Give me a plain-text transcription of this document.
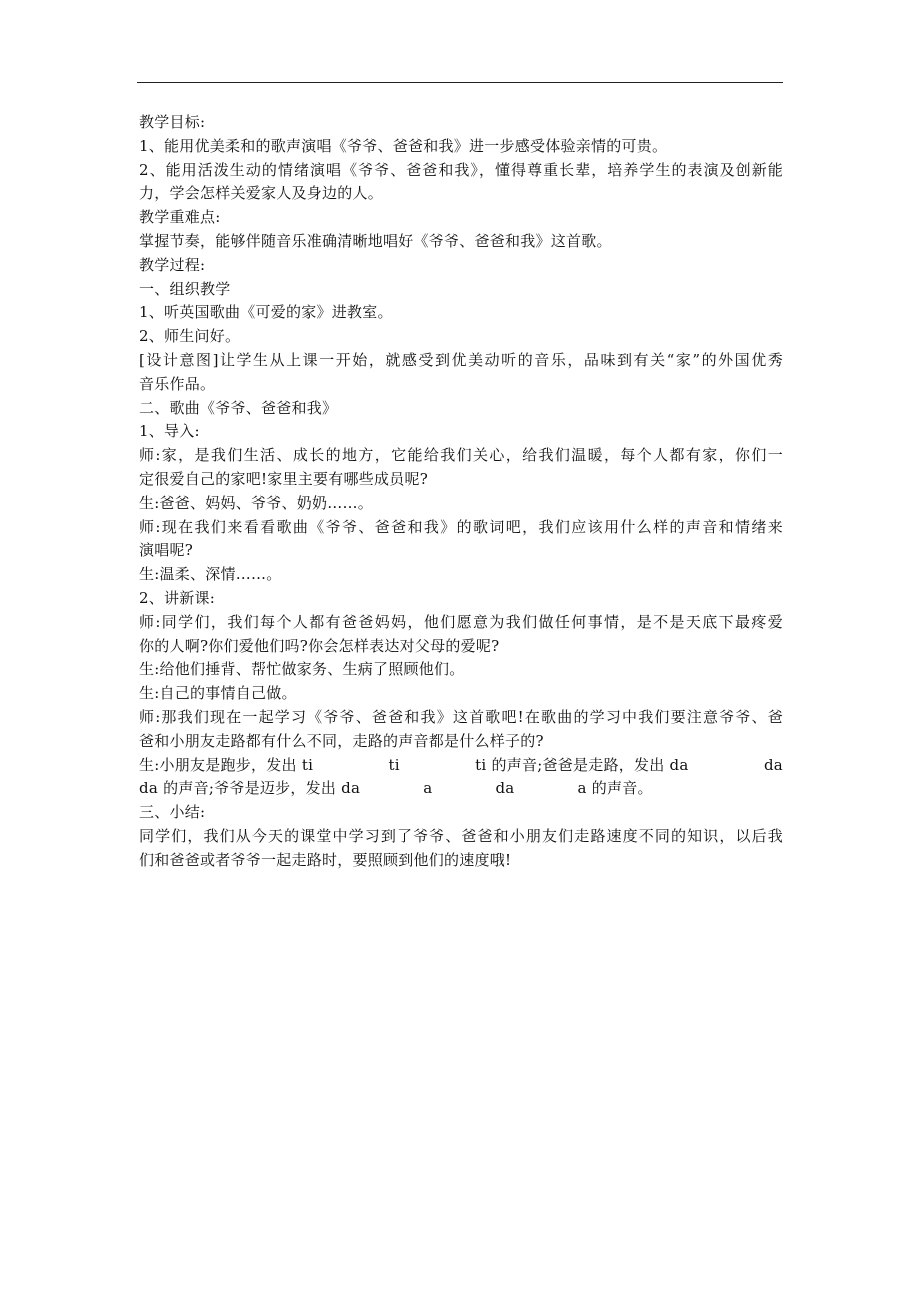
教学目标:
1、能用优美柔和的歌声演唱《爷爷、爸爸和我》进一步感受体验亲情的可贵。
2、能用活泼生动的情绪演唱《爷爷、爸爸和我》，懂得尊重长辈，培养学生的表演及创新能
力，学会怎样关爱家人及身边的人。
教学重难点:
掌握节奏，能够伴随音乐准确清晰地唱好《爷爷、爸爸和我》这首歌。
教学过程:
一、组织教学
1、听英国歌曲《可爱的家》进教室。
2、师生问好。
[设计意图]让学生从上课一开始，就感受到优美动听的音乐，品味到有关“家”的外国优秀
音乐作品。
二、歌曲《爷爷、爸爸和我》
1、导入:
师:家，是我们生活、成长的地方，它能给我们关心，给我们温暖，每个人都有家，你们一
定很爱自己的家吧!家里主要有哪些成员呢?
生:爸爸、妈妈、爷爷、奶奶……。
师:现在我们来看看歌曲《爷爷、爸爸和我》的歌词吧，我们应该用什么样的声音和情绪来
演唱呢?
生:温柔、深情……。
2、讲新课:
师:同学们，我们每个人都有爸爸妈妈，他们愿意为我们做任何事情，是不是天底下最疼爱
你的人啊?你们爱他们吗?你会怎样表达对父母的爱呢?
生:给他们捶背、帮忙做家务、生病了照顾他们。
生:自己的事情自己做。
师:那我们现在一起学习《爷爷、爸爸和我》这首歌吧!在歌曲的学习中我们要注意爷爷、爸
爸和小朋友走路都有什么不同，走路的声音都是什么样子的?
生:小朋友是跑步，发出 ti	ti	ti 的声音;爸爸是走路，发出 da	da
da 的声音;爷爷是迈步，发出 da	a	da	a 的声音。
三、小结:
同学们，我们从今天的课堂中学习到了爷爷、爸爸和小朋友们走路速度不同的知识，以后我
们和爸爸或者爷爷一起走路时，要照顾到他们的速度哦!
